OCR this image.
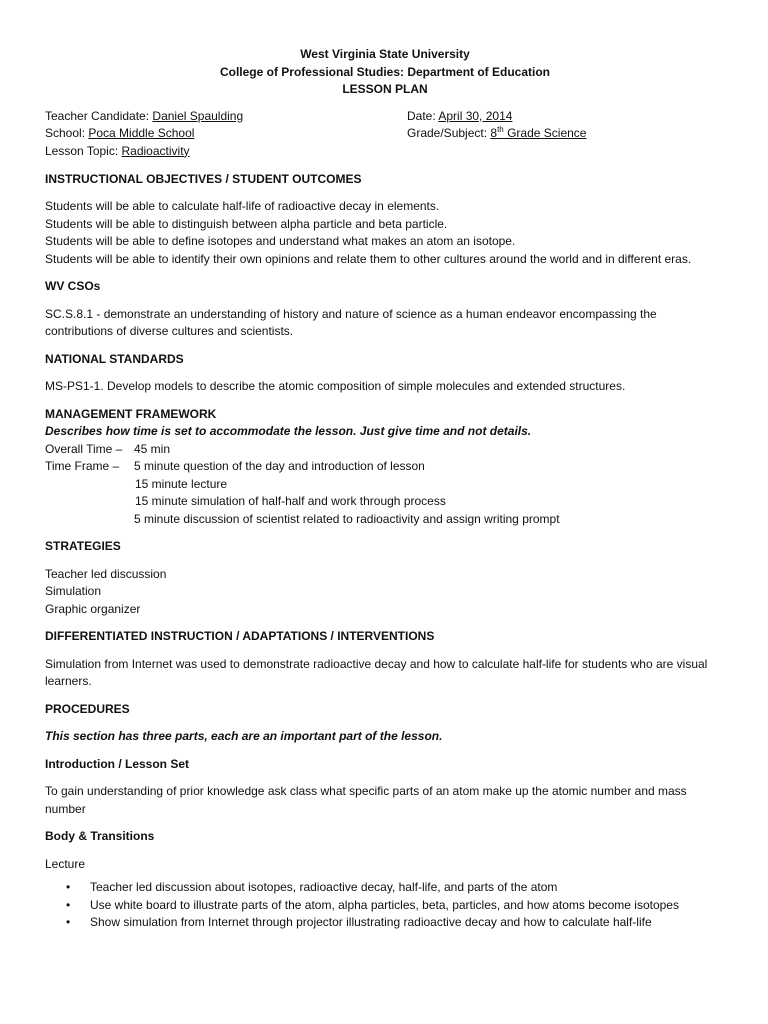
West Virginia State University
College of Professional Studies: Department of Education
LESSON PLAN
Teacher Candidate: Daniel Spaulding
School: Poca Middle School
Lesson Topic: Radioactivity
Date: April 30, 2014
Grade/Subject: 8th Grade Science
INSTRUCTIONAL OBJECTIVES / STUDENT OUTCOMES
Students will be able to calculate half-life of radioactive decay in elements.
Students will be able to distinguish between alpha particle and beta particle.
Students will be able to define isotopes and understand what makes an atom an isotope.
Students will be able to identify their own opinions and relate them to other cultures around the world and in different eras.
WV CSOs
SC.S.8.1 - demonstrate an understanding of history and nature of science as a human endeavor encompassing the contributions of diverse cultures and scientists.
NATIONAL STANDARDS
MS-PS1-1. Develop models to describe the atomic composition of simple molecules and extended structures.
MANAGEMENT FRAMEWORK
Describes how time is set to accommodate the lesson. Just give time and not details.
Overall Time – 45 min
Time Frame – 5 minute question of the day and introduction of lesson
15 minute lecture
15 minute simulation of half-half and work through process
5 minute discussion of scientist related to radioactivity and assign writing prompt
STRATEGIES
Teacher led discussion
Simulation
Graphic organizer
DIFFERENTIATED INSTRUCTION / ADAPTATIONS / INTERVENTIONS
Simulation from Internet was used to demonstrate radioactive decay and how to calculate half-life for students who are visual learners.
PROCEDURES
This section has three parts, each are an important part of the lesson.
Introduction / Lesson Set
To gain understanding of prior knowledge ask class what specific parts of an atom make up the atomic number and mass number
Body & Transitions
Lecture
• Teacher led discussion about isotopes, radioactive decay, half-life, and parts of the atom
• Use white board to illustrate parts of the atom, alpha particles, beta, particles, and how atoms become isotopes
• Show simulation from Internet through projector illustrating radioactive decay and how to calculate half-life
